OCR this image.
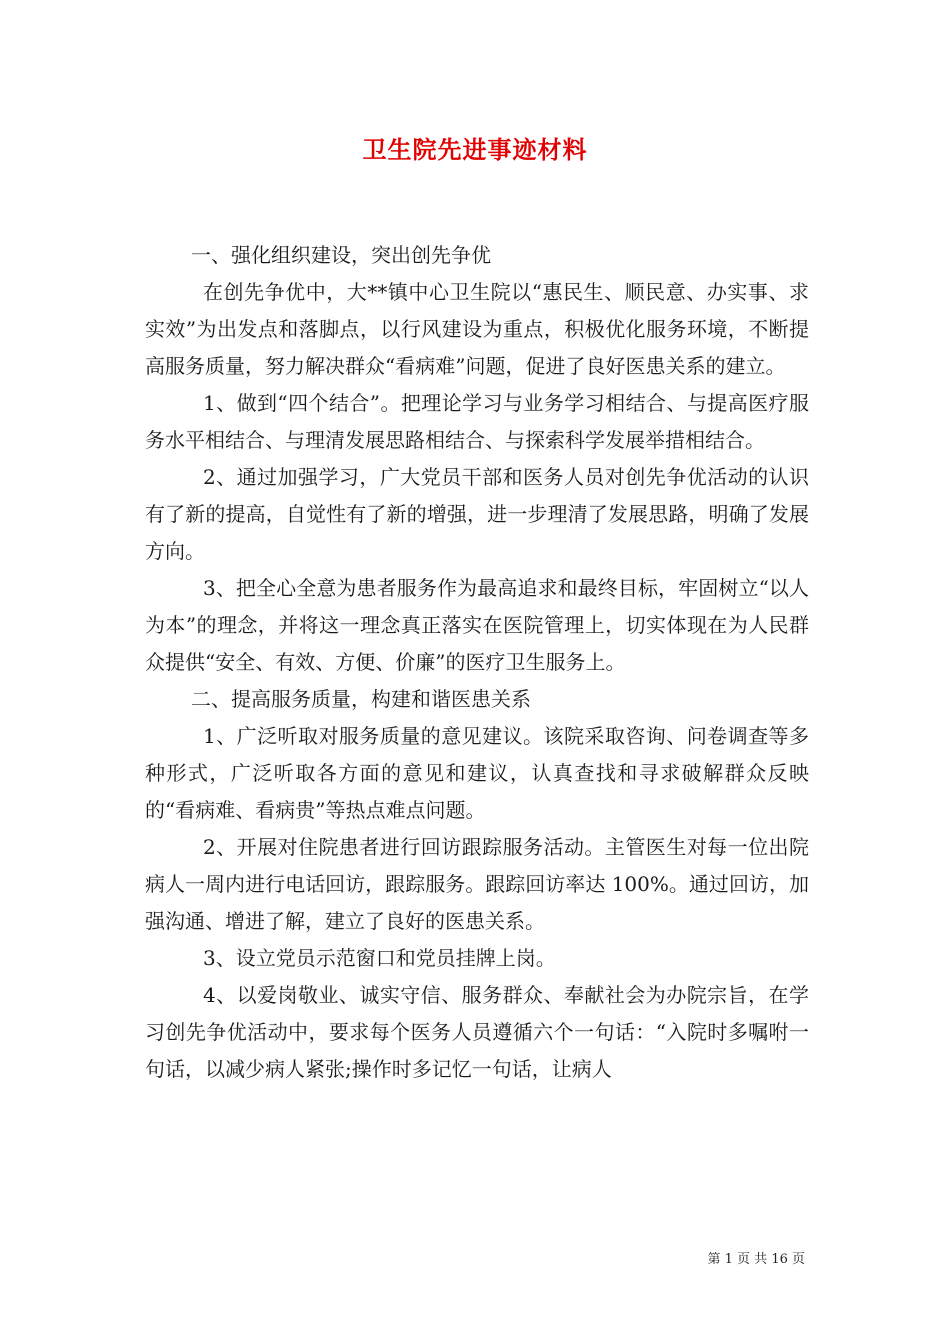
卫生院先进事迹材料

一、强化组织建设，突出创先争优

在创先争优中，大**镇中心卫生院以“惠民生、顺民意、办实事、求实效”为出发点和落脚点，以行风建设为重点，积极优化服务环境，不断提高服务质量，努力解决群众“看病难”问题，促进了良好医患关系的建立。

1、做到“四个结合”。把理论学习与业务学习相结合、与提高医疗服务水平相结合、与理清发展思路相结合、与探索科学发展举措相结合。

2、通过加强学习，广大党员干部和医务人员对创先争优活动的认识有了新的提高，自觉性有了新的增强，进一步理清了发展思路，明确了发展方向。

3、把全心全意为患者服务作为最高追求和最终目标，牢固树立“以人为本”的理念，并将这一理念真正落实在医院管理上，切实体现在为人民群众提供“安全、有效、方便、价廉”的医疗卫生服务上。

二、提高服务质量，构建和谐医患关系

1、广泛听取对服务质量的意见建议。该院采取咨询、问卷调查等多种形式，广泛听取各方面的意见和建议，认真查找和寻求破解群众反映的“看病难、看病贵”等热点难点问题。

2、开展对住院患者进行回访跟踪服务活动。主管医生对每一位出院病人一周内进行电话回访，跟踪服务。跟踪回访率达 100%。通过回访，加强沟通、增进了解，建立了良好的医患关系。

3、设立党员示范窗口和党员挂牌上岗。

4、以爱岗敬业、诚实守信、服务群众、奉献社会为办院宗旨，在学习创先争优活动中，要求每个医务人员遵循六个一句话：“入院时多嘱咐一句话，以减少病人紧张;操作时多记忆一句话，让病人

第 1 页 共 16 页
